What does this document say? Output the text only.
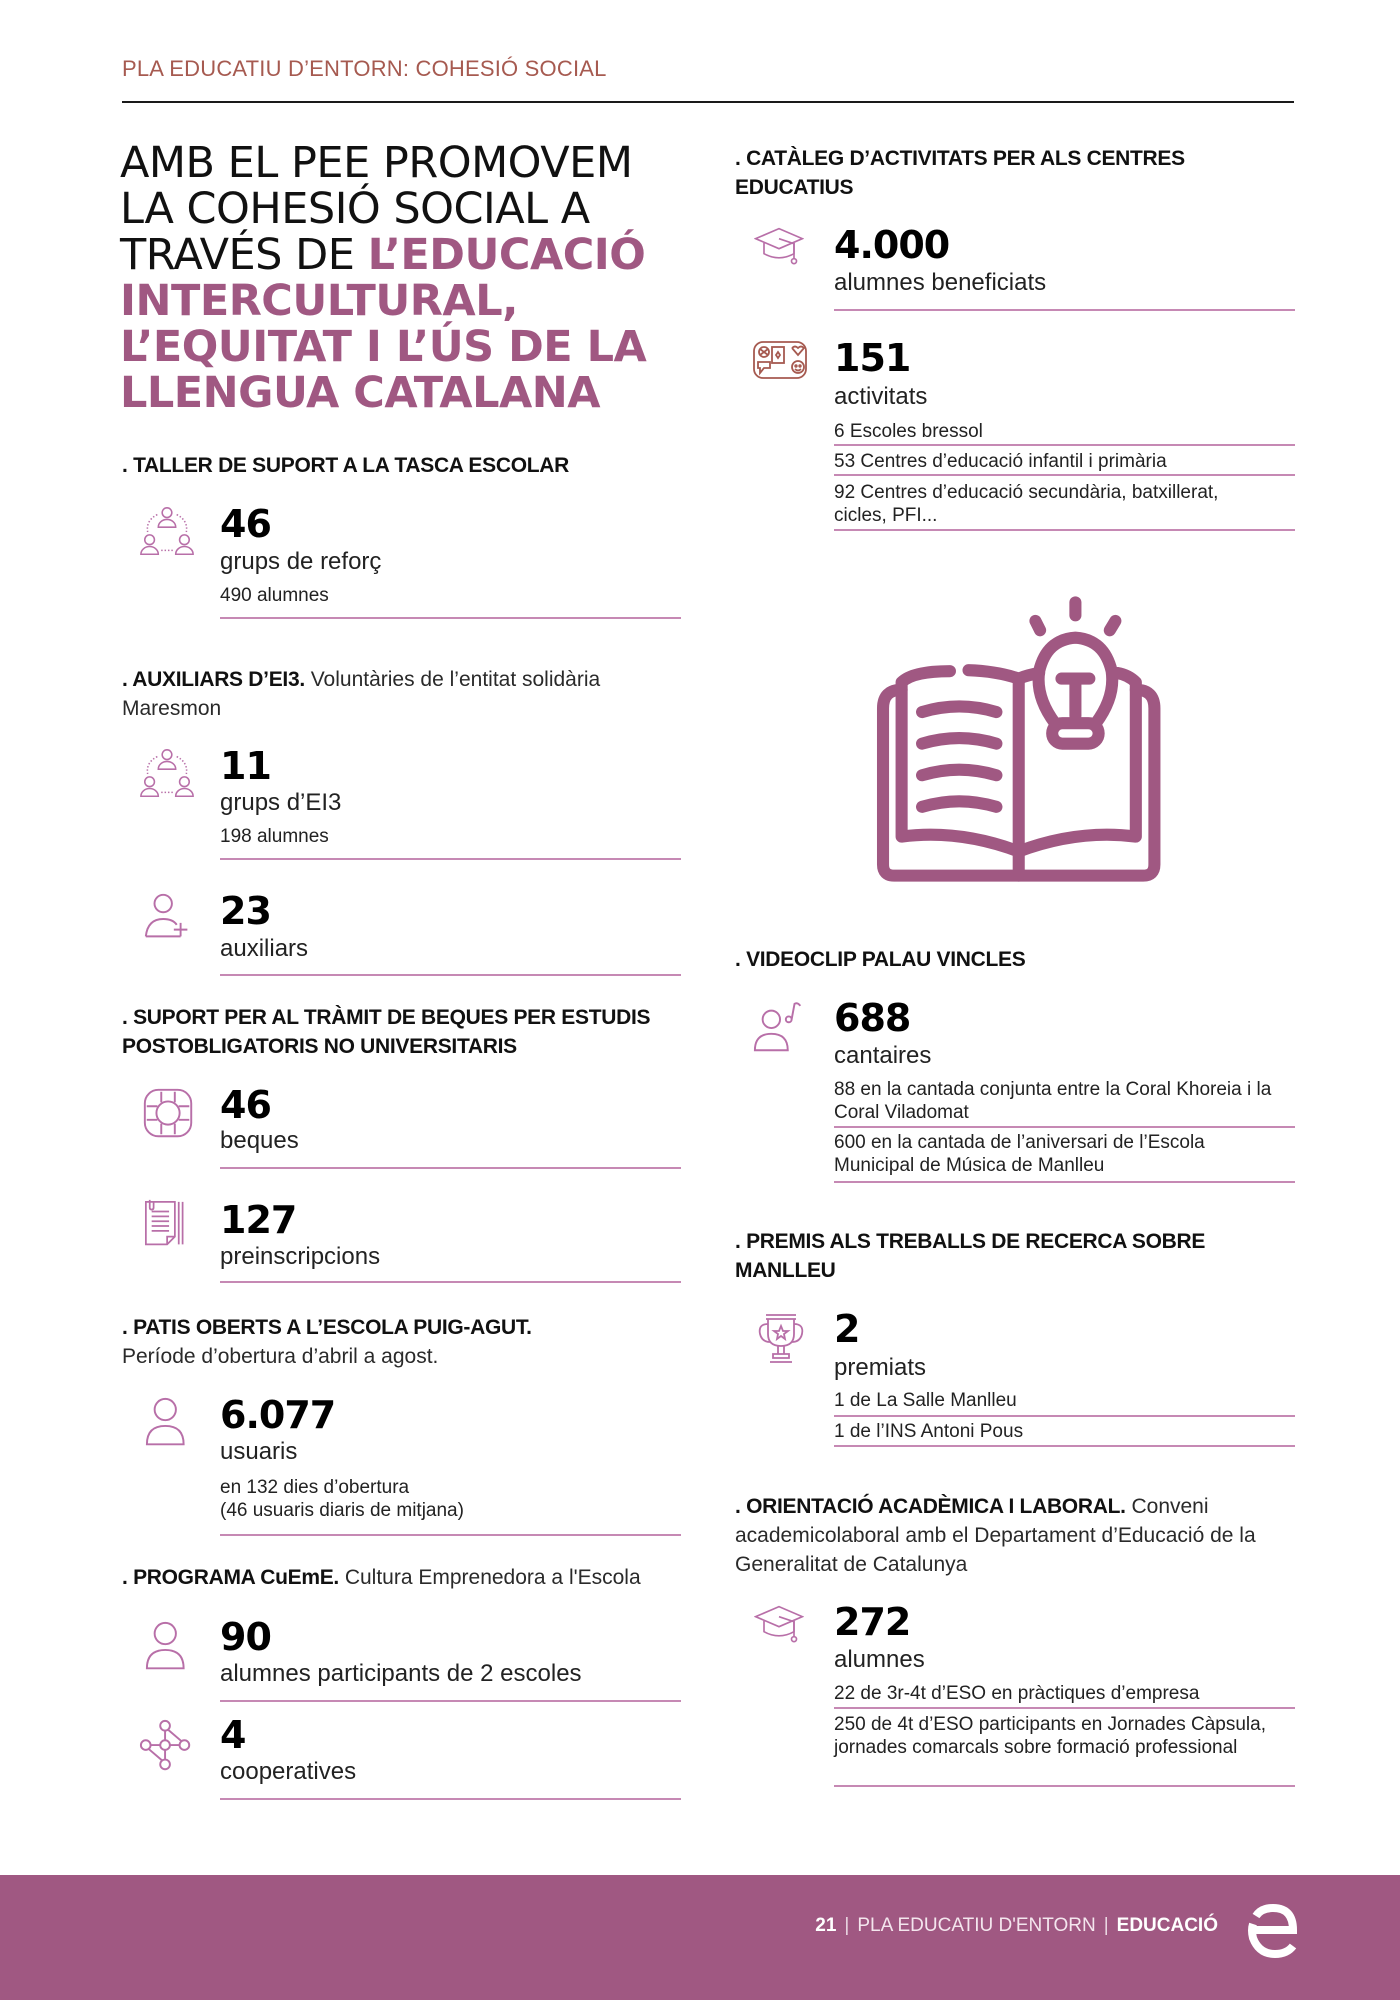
PLA EDUCATIU D’ENTORN: COHESIÓ SOCIAL
AMB EL PEE PROMOVEM
LA COHESIÓ SOCIAL A
TRAVÉS DE L’EDUCACIÓ
INTERCULTURAL,
L’EQUITAT I L’ÚS DE LA
LLENGUA CATALANA
. TALLER DE SUPORT A LA TASCA ESCOLAR
46
grups de reforç
490 alumnes
. AUXILIARS D’EI3. Voluntàries de l’entitat solidària Maresmon
11
grups d’EI3
198 alumnes
23
auxiliars
. SUPORT PER AL TRÀMIT DE BEQUES PER ESTUDIS
POSTOBLIGATORIS NO UNIVERSITARIS
46
beques
127
preinscripcions
. PATIS OBERTS A L’ESCOLA PUIG-AGUT.
Període d’obertura d’abril a agost.
6.077
usuaris
en 132 dies d’obertura
(46 usuaris diaris de mitjana)
. PROGRAMA CuEmE. Cultura Emprenedora a l'Escola
90
alumnes participants de 2 escoles
4
cooperatives
. CATÀLEG D’ACTIVITATS PER ALS CENTRES
EDUCATIUS
4.000
alumnes beneficiats
151
activitats
6 Escoles bressol
53 Centres d’educació infantil i primària
92 Centres d’educació secundària, batxillerat, cicles, PFI...
. VIDEOCLIP PALAU VINCLES
688
cantaires
88 en la cantada conjunta entre la Coral Khoreia i la Coral Viladomat
600 en la cantada de l’aniversari de l’Escola Municipal de Música de Manlleu
. PREMIS ALS TREBALLS DE RECERCA SOBRE
MANLLEU
2
premiats
1 de La Salle Manlleu
1 de l’INS Antoni Pous
. ORIENTACIÓ ACADÈMICA I LABORAL. Conveni academicolaboral amb el Departament d’Educació de la Generalitat de Catalunya
272
alumnes
22 de 3r-4t d’ESO en pràctiques d’empresa
250 de 4t d’ESO participants en Jornades Càpsula, jornades comarcals sobre formació professional
21 | PLA EDUCATIU D'ENTORN | EDUCACIÓ
